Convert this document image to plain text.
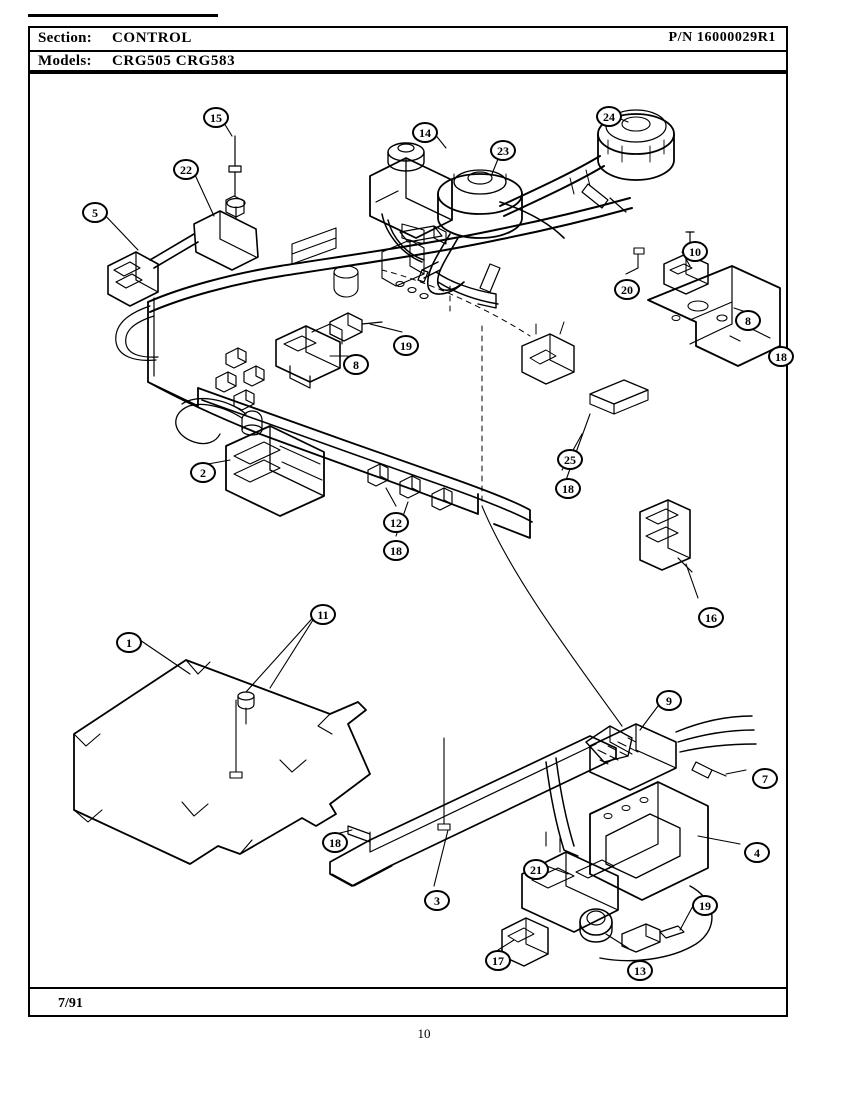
Section: CONTROL
Models: CRG505 CRG583
P/N 16000029R1
1
2
3
4
5
7
8
8
9
10
11
12
13
14
15
16
17
18
18
18
18
19
19
20
21
23
24
25
22
7/91
10
